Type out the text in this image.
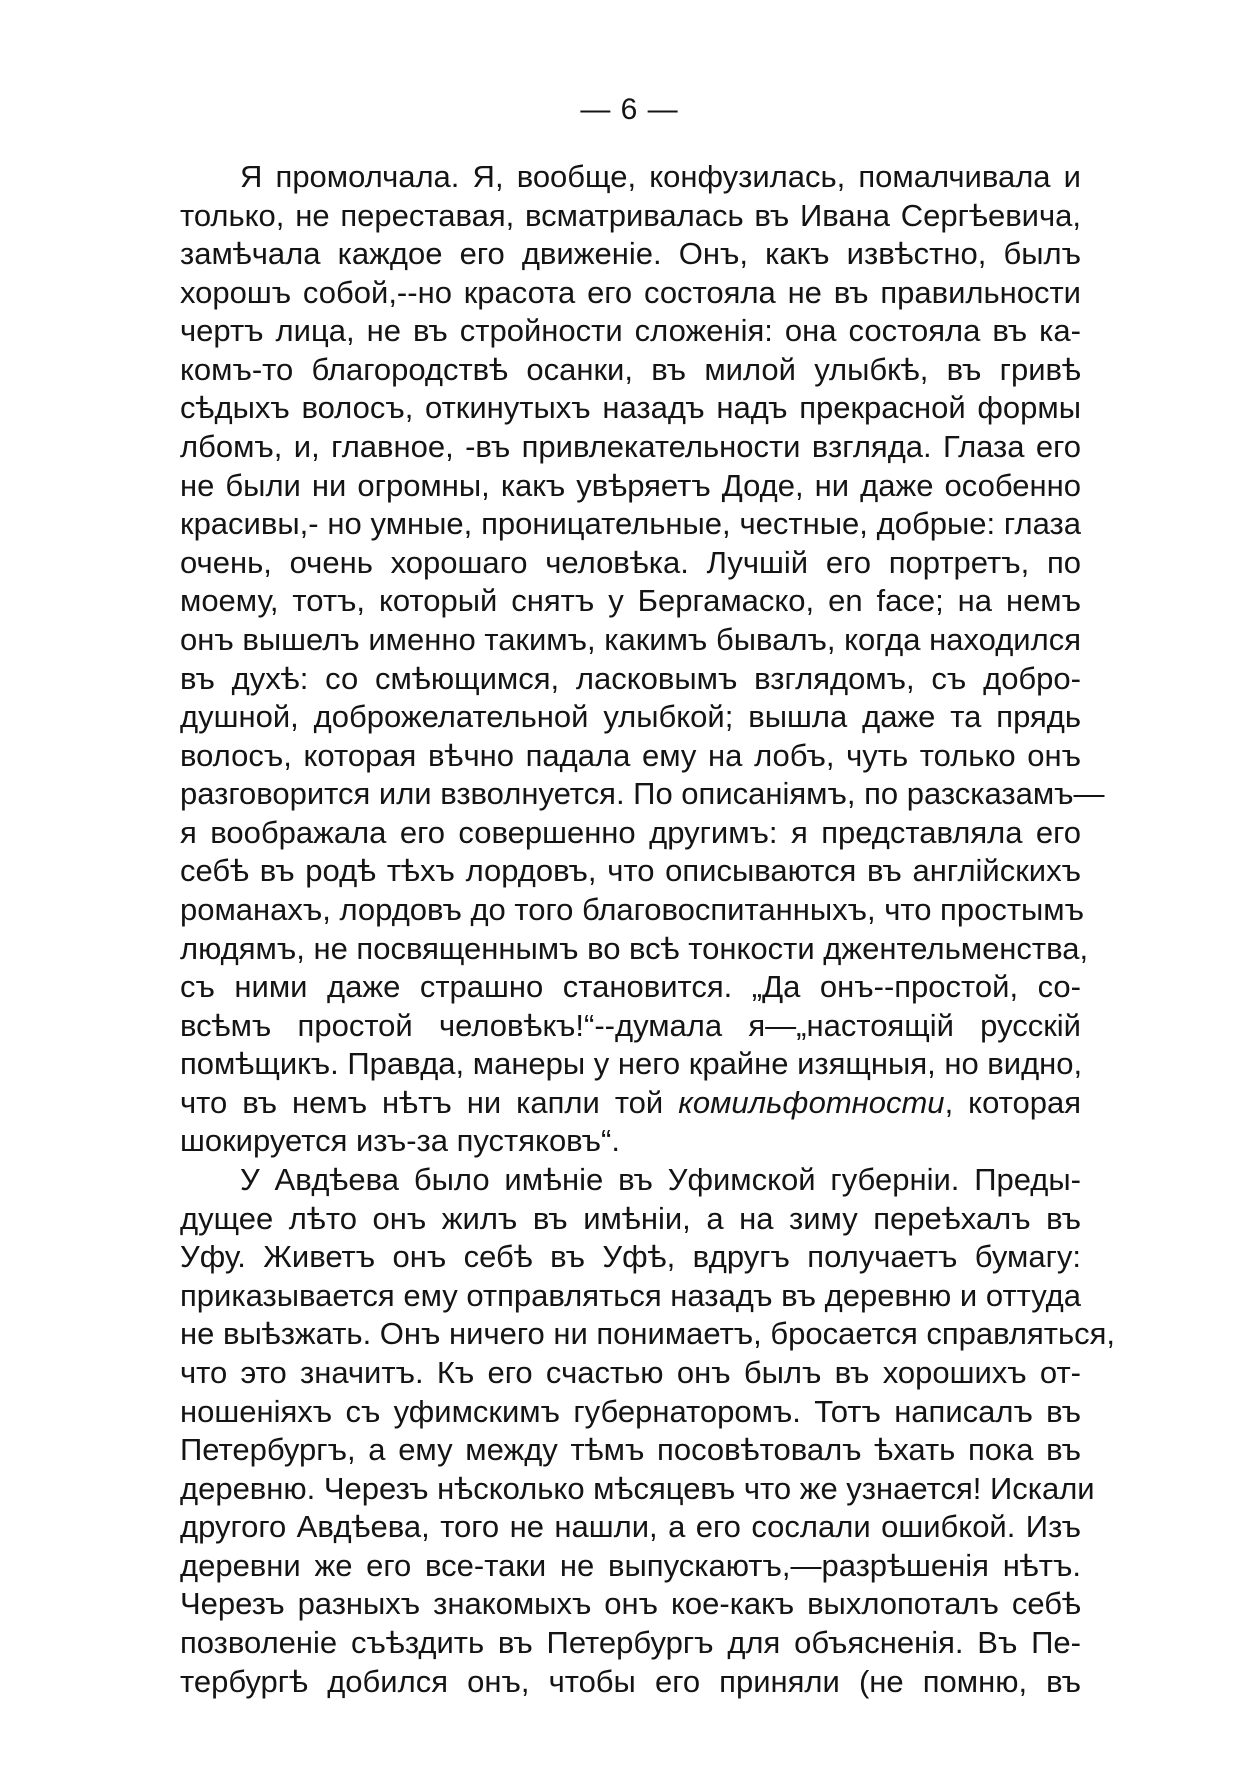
— 6 —
Я промолчала. Я, вообще, конфузилась, помалчивала и
только, не переставая, всматривалась въ Ивана Сергѣевича,
замѣчала каждое его движеніе. Онъ, какъ извѣстно, былъ
хорошъ собой,--но красота его состояла не въ правильности
чертъ лица, не въ стройности сложенія: она состояла въ ка-
комъ-то благородствѣ осанки, въ милой улыбкѣ, въ гривѣ
сѣдыхъ волосъ, откинутыхъ назадъ надъ прекрасной формы
лбомъ, и, главное, -въ привлекательности взгляда. Глаза его
не были ни огромны, какъ увѣряетъ Доде, ни даже особенно
красивы,- но умные, проницательные, честные, добрые: глаза
очень, очень хорошаго человѣка. Лучшій его портретъ, по
моему, тотъ, который снятъ у Бергамаско, en face; на немъ
онъ вышелъ именно такимъ, какимъ бывалъ, когда находился
въ духѣ: со смѣющимся, ласковымъ взглядомъ, съ добро-
душной, доброжелательной улыбкой; вышла даже та прядь
волосъ, которая вѣчно падала ему на лобъ, чуть только онъ
разговорится или взволнуется. По описаніямъ, по разсказамъ—
я воображала его совершенно другимъ: я представляла его
себѣ въ родѣ тѣхъ лордовъ, что описываются въ англійскихъ
романахъ, лордовъ до того благовоспитанныхъ, что простымъ
людямъ, не посвященнымъ во всѣ тонкости джентельменства,
съ ними даже страшно становится. „Да онъ--простой, со-
всѣмъ простой человѣкъ!“--думала я—„настоящій русскій
помѣщикъ. Правда, манеры у него крайне изящныя, но видно,
что въ немъ нѣтъ ни капли той комильфотности, которая
шокируется изъ-за пустяковъ“.
У Авдѣева было имѣніе въ Уфимской губерніи. Преды-
дущее лѣто онъ жилъ въ имѣніи, а на зиму переѣхалъ въ
Уфу. Живетъ онъ себѣ въ Уфѣ, вдругъ получаетъ бумагу:
приказывается ему отправляться назадъ въ деревню и оттуда
не выѣзжать. Онъ ничего ни понимаетъ, бросается справляться,
что это значитъ. Къ его счастью онъ былъ въ хорошихъ от-
ношеніяхъ съ уфимскимъ губернаторомъ. Тотъ написалъ въ
Петербургъ, а ему между тѣмъ посовѣтовалъ ѣхать пока въ
деревню. Черезъ нѣсколько мѣсяцевъ что же узнается! Искали
другого Авдѣева, того не нашли, а его сослали ошибкой. Изъ
деревни же его все-таки не выпускаютъ,—разрѣшенія нѣтъ.
Черезъ разныхъ знакомыхъ онъ кое-какъ выхлопоталъ себѣ
позволеніе съѣздить въ Петербургъ для объясненія. Въ Пе-
тербургѣ добился онъ, чтобы его приняли (не помню, въ
